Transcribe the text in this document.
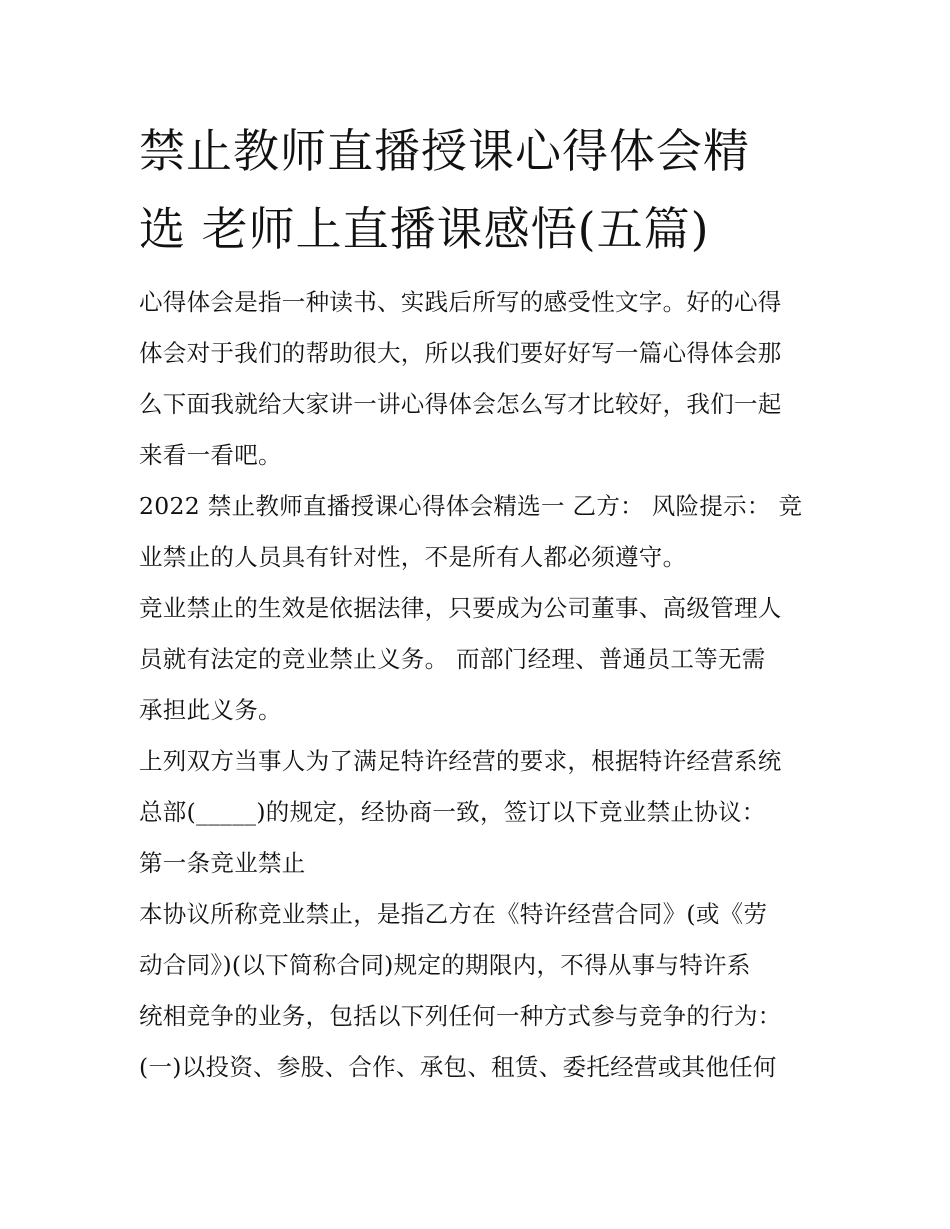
禁止教师直播授课心得体会精
选 老师上直播课感悟(五篇)
心得体会是指一种读书、实践后所写的感受性文字。好的心得
体会对于我们的帮助很大，所以我们要好好写一篇心得体会那
么下面我就给大家讲一讲心得体会怎么写才比较好，我们一起
来看一看吧。
2022 禁止教师直播授课心得体会精选一 乙方： 风险提示： 竞
业禁止的人员具有针对性，不是所有人都必须遵守。
竞业禁止的生效是依据法律，只要成为公司董事、高级管理人
员就有法定的竞业禁止义务。 而部门经理、普通员工等无需
承担此义务。
上列双方当事人为了满足特许经营的要求，根据特许经营系统
总部(_____)的规定，经协商一致，签订以下竞业禁止协议：
第一条竞业禁止
本协议所称竞业禁止，是指乙方在《特许经营合同》(或《劳
动合同》)(以下简称合同)规定的期限内，不得从事与特许系
统相竞争的业务，包括以下列任何一种方式参与竞争的行为：
(一)以投资、参股、合作、承包、租赁、委托经营或其他任何
